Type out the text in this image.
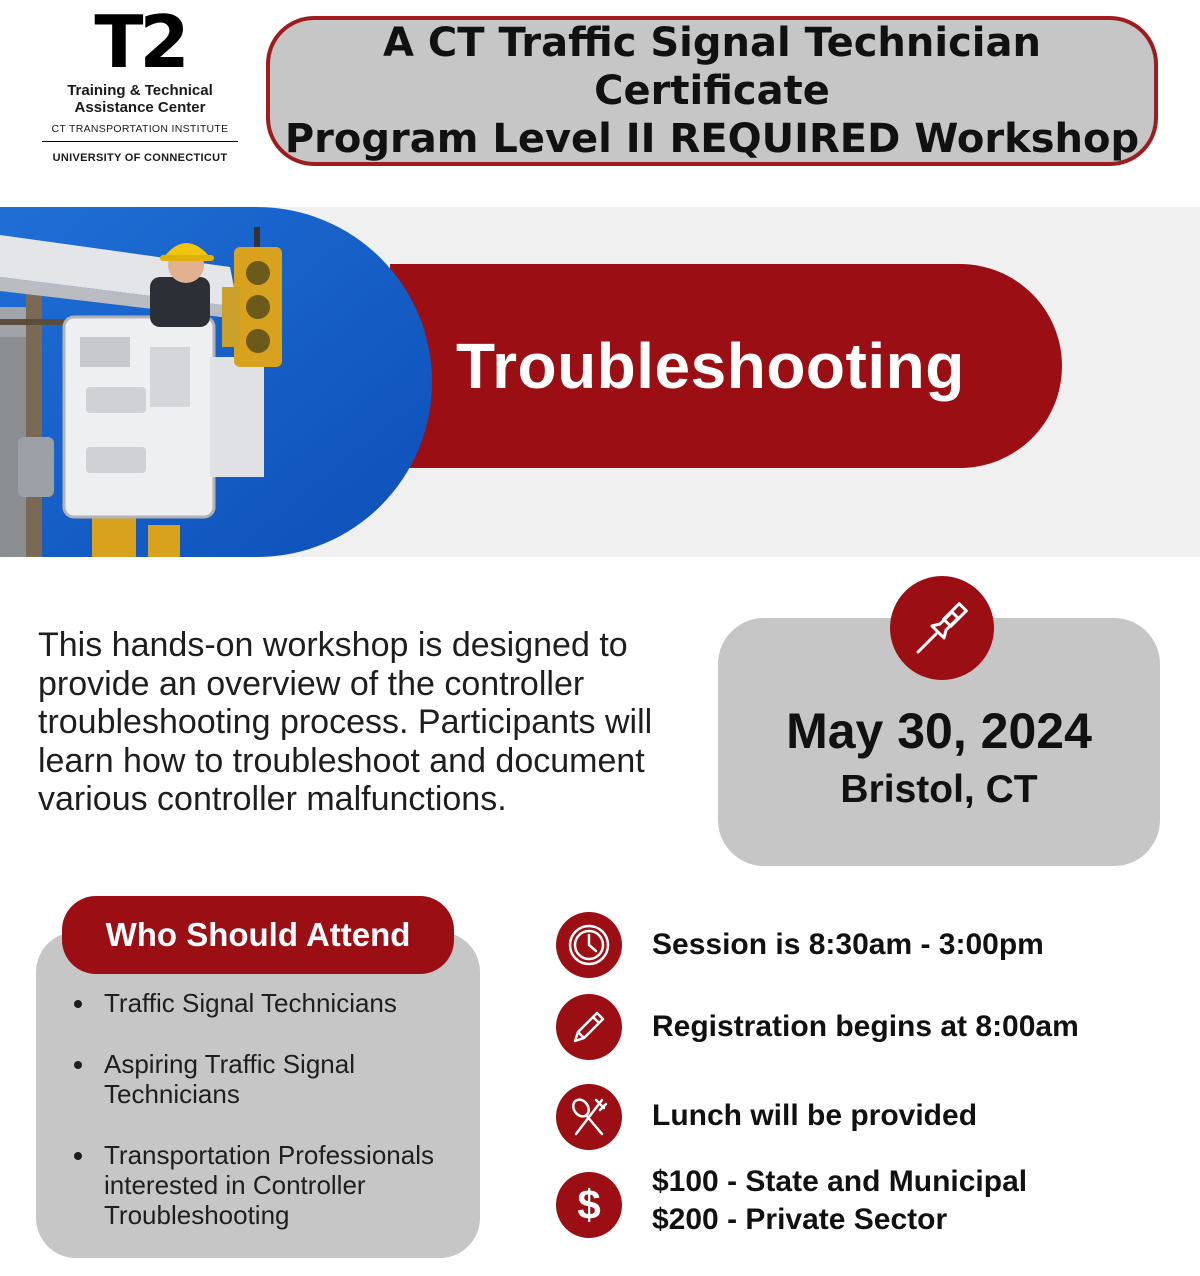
T2
Training & Technical
Assistance Center
CT TRANSPORTATION INSTITUTE
UNIVERSITY OF CONNECTICUT
A CT Traffic Signal Technician Certificate
Program Level II REQUIRED Workshop
Troubleshooting
This hands-on workshop is designed to provide an overview of the controller troubleshooting process. Participants will learn how to troubleshoot and document various controller malfunctions.
May 30, 2024
Bristol, CT
Who Should Attend
Traffic Signal Technicians
Aspiring Traffic Signal Technicians
Transportation Professionals interested in Controller Troubleshooting
Session is 8:30am - 3:00pm
Registration begins at 8:00am
Lunch will be provided
$ $100 - State and Municipal
$200 - Private Sector
